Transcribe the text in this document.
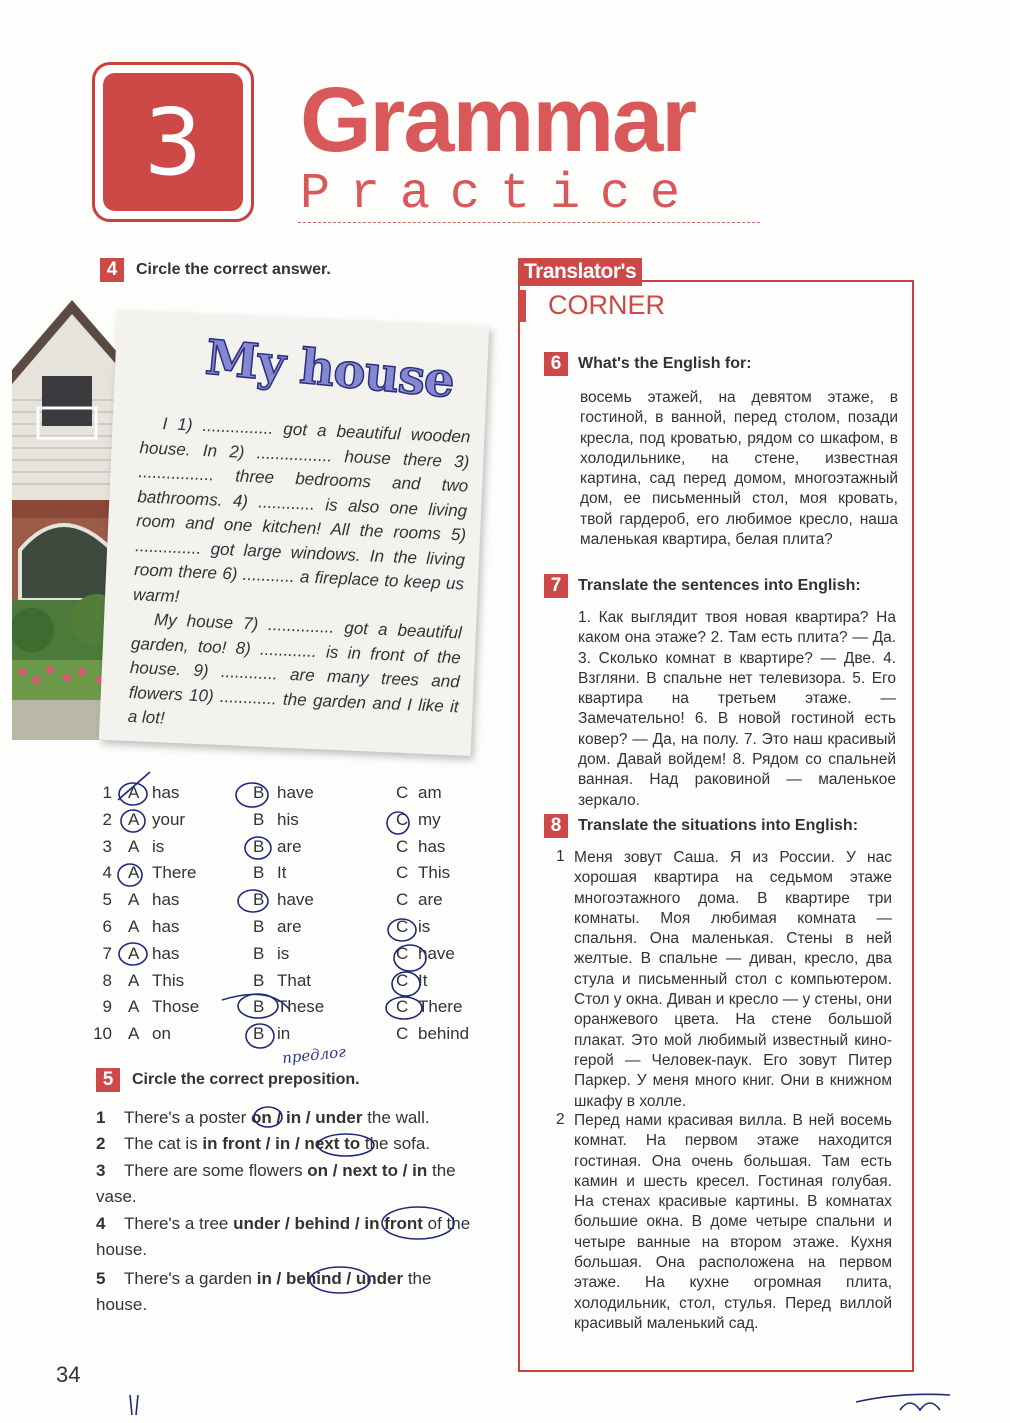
3	Grammar
Practice
4	Circle the correct answer.
My house

I 1) ............... got a beautiful wooden house. In 2) ................ house there 3) ................ three bedrooms and two bathrooms. 4) ............ is also one living room and one kitchen! All the rooms 5) .............. got large windows. In the living room there 6) ........... a fireplace to keep us warm!

My house 7) .............. got a beautiful garden, too! 8) ............ is in front of the house. 9) ............ are many trees and flowers 10) ............ the garden and I like it a lot!

1 A has	B have	C am
2 A your	B his	C my
3 A is	B are	C has
4 A There	B It	C This
5 A has	B have	C are
6 A has	B are	C is
7 A has	B is	C have
8 A This	B That	C It
9 A Those	B These	C There
10 A on	B in	C behind
5	Circle the correct preposition.
предлог
1 There's a poster on / in / under the wall.
2 The cat is in front / in / next to the sofa.
3 There are some flowers on / next to / in the vase.
4 There's a tree under / behind / in front of the house.
5 There's a garden in / behind / under the house.
34
Translator's
CORNER
6	What's the English for:
восемь этажей, на девятом этаже, в гостиной, в ванной, перед столом, позади кресла, под кроватью, рядом со шкафом, в холодильнике, на стене, известная картина, сад перед домом, многоэтажный дом, ее письменный стол, моя кровать, твой гардероб, его любимое кресло, наша маленькая квартира, белая плита?
7	Translate the sentences into English:
1. Как выглядит твоя новая квартира? На каком она этаже? 2. Там есть плита? — Да. 3. Сколько комнат в квартире? — Две. 4. Взгляни. В спальне нет телевизора. 5. Его квартира на третьем этаже. — Замечательно! 6. В новой гостиной есть ковер? — Да, на полу. 7. Это наш красивый дом. Давай войдем! 8. Рядом со спальней ванная. Над раковиной — маленькое зеркало.
8	Translate the situations into English:
1 Меня зовут Саша. Я из России. У нас хорошая квартира на седьмом этаже многоэтажного дома. В квартире три комнаты. Моя любимая комната — спальня. Она маленькая. Стены в ней желтые. В спальне — диван, кресло, два стула и письменный стол с компьютером. Стол у окна. Диван и кресло — у стены, они оранжевого цвета. На стене большой плакат. Это мой любимый известный кино-герой — Человек-паук. Его зовут Питер Паркер. У меня много книг. Они в книжном шкафу в холле.
2 Перед нами красивая вилла. В ней восемь комнат. На первом этаже находится гостиная. Она очень большая. Там есть камин и шесть кресел. Гостиная голубая. На стенах красивые картины. В комнатах большие окна. В доме четыре спальни и четыре ванные на втором этаже. Кухня большая. Она расположена на первом этаже. На кухне огромная плита, холодильник, стол, стулья. Перед виллой красивый маленький сад.
